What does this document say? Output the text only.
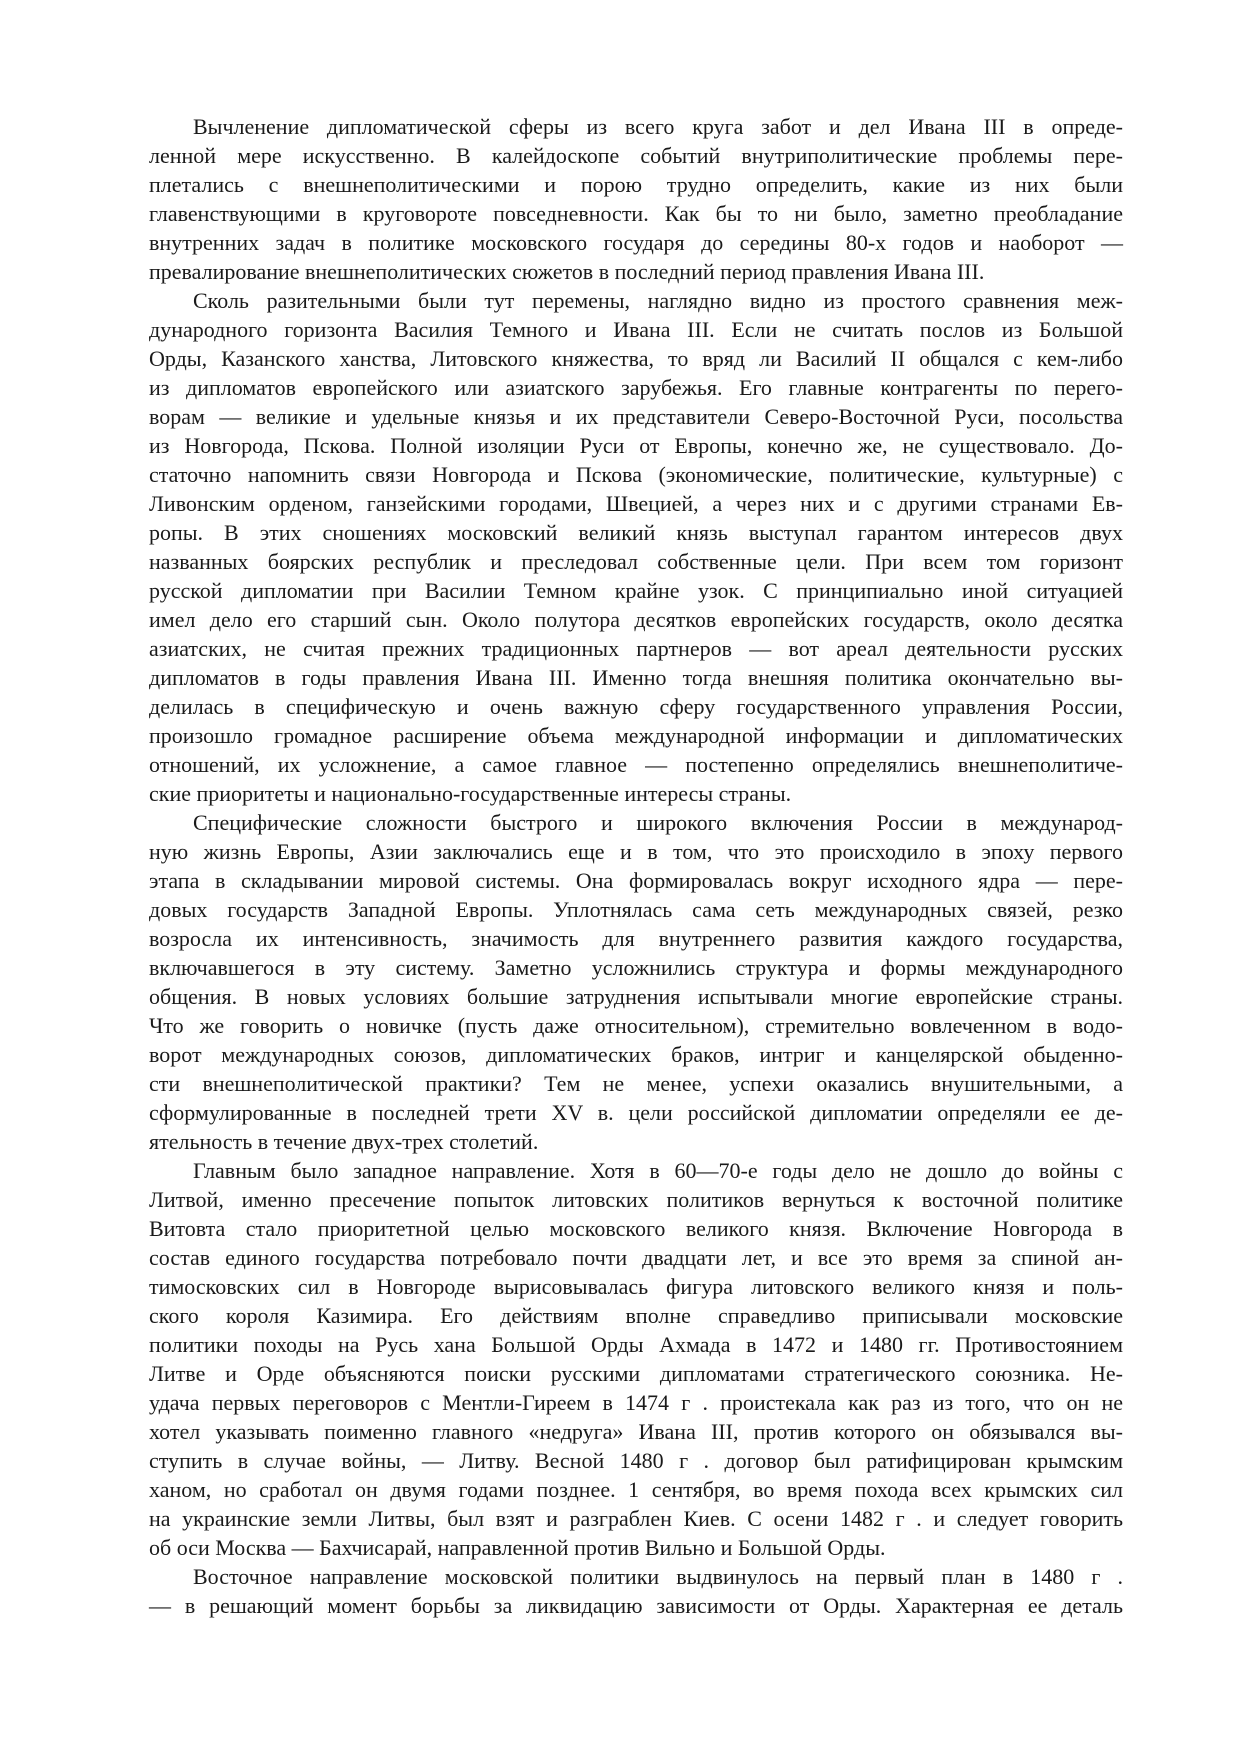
Вычленение дипломатической сферы из всего круга забот и дел Ивана III в опреде-
ленной мере искусственно. В калейдоскопе событий внутриполитические проблемы пере-
плетались с внешнеполитическими и порою трудно определить, какие из них были
главенствующими в круговороте повседневности. Как бы то ни было, заметно преобладание
внутренних задач в политике московского государя до середины 80-х годов и наоборот —
превалирование внешнеполитических сюжетов в последний период правления Ивана III.
Сколь разительными были тут перемены, наглядно видно из простого сравнения меж-
дународного горизонта Василия Темного и Ивана III. Если не считать послов из Большой
Орды, Казанского ханства, Литовского княжества, то вряд ли Василий II общался с кем-либо
из дипломатов европейского или азиатского зарубежья. Его главные контрагенты по перего-
ворам — великие и удельные князья и их представители Северо-Восточной Руси, посольства
из Новгорода, Пскова. Полной изоляции Руси от Европы, конечно же, не существовало. До-
статочно напомнить связи Новгорода и Пскова (экономические, политические, культурные) с
Ливонским орденом, ганзейскими городами, Швецией, а через них и с другими странами Ев-
ропы. В этих сношениях московский великий князь выступал гарантом интересов двух
названных боярских республик и преследовал собственные цели. При всем том горизонт
русской дипломатии при Василии Темном крайне узок. С принципиально иной ситуацией
имел дело его старший сын. Около полутора десятков европейских государств, около десятка
азиатских, не считая прежних традиционных партнеров — вот ареал деятельности русских
дипломатов в годы правления Ивана III. Именно тогда внешняя политика окончательно вы-
делилась в специфическую и очень важную сферу государственного управления России,
произошло громадное расширение объема международной информации и дипломатических
отношений, их усложнение, а самое главное — постепенно определялись внешнеполитиче-
ские приоритеты и национально-государственные интересы страны.
Специфические сложности быстрого и широкого включения России в международ-
ную жизнь Европы, Азии заключались еще и в том, что это происходило в эпоху первого
этапа в складывании мировой системы. Она формировалась вокруг исходного ядра — пере-
довых государств Западной Европы. Уплотнялась сама сеть международных связей, резко
возросла их интенсивность, значимость для внутреннего развития каждого государства,
включавшегося в эту систему. Заметно усложнились структура и формы международного
общения. В новых условиях большие затруднения испытывали многие европейские страны.
Что же говорить о новичке (пусть даже относительном), стремительно вовлеченном в водо-
ворот международных союзов, дипломатических браков, интриг и канцелярской обыденно-
сти внешнеполитической практики? Тем не менее, успехи оказались внушительными, а
сформулированные в последней трети XV в. цели российской дипломатии определяли ее де-
ятельность в течение двух-трех столетий.
Главным было западное направление. Хотя в 60—70-е годы дело не дошло до войны с
Литвой, именно пресечение попыток литовских политиков вернуться к восточной политике
Витовта стало приоритетной целью московского великого князя. Включение Новгорода в
состав единого государства потребовало почти двадцати лет, и все это время за спиной ан-
тимосковских сил в Новгороде вырисовывалась фигура литовского великого князя и поль-
ского короля Казимира. Его действиям вполне справедливо приписывали московские
политики походы на Русь хана Большой Орды Ахмада в 1472 и 1480 гг. Противостоянием
Литве и Орде объясняются поиски русскими дипломатами стратегического союзника. Не-
удача первых переговоров с Ментли-Гиреем в 1474 г . проистекала как раз из того, что он не
хотел указывать поименно главного «недруга» Ивана III, против которого он обязывался вы-
ступить в случае войны, — Литву. Весной 1480 г . договор был ратифицирован крымским
ханом, но сработал он двумя годами позднее. 1 сентября, во время похода всех крымских сил
на украинские земли Литвы, был взят и разграблен Киев. С осени 1482 г . и следует говорить
об оси Москва — Бахчисарай, направленной против Вильно и Большой Орды.
Восточное направление московской политики выдвинулось на первый план в 1480 г .
— в решающий момент борьбы за ликвидацию зависимости от Орды. Характерная ее деталь
